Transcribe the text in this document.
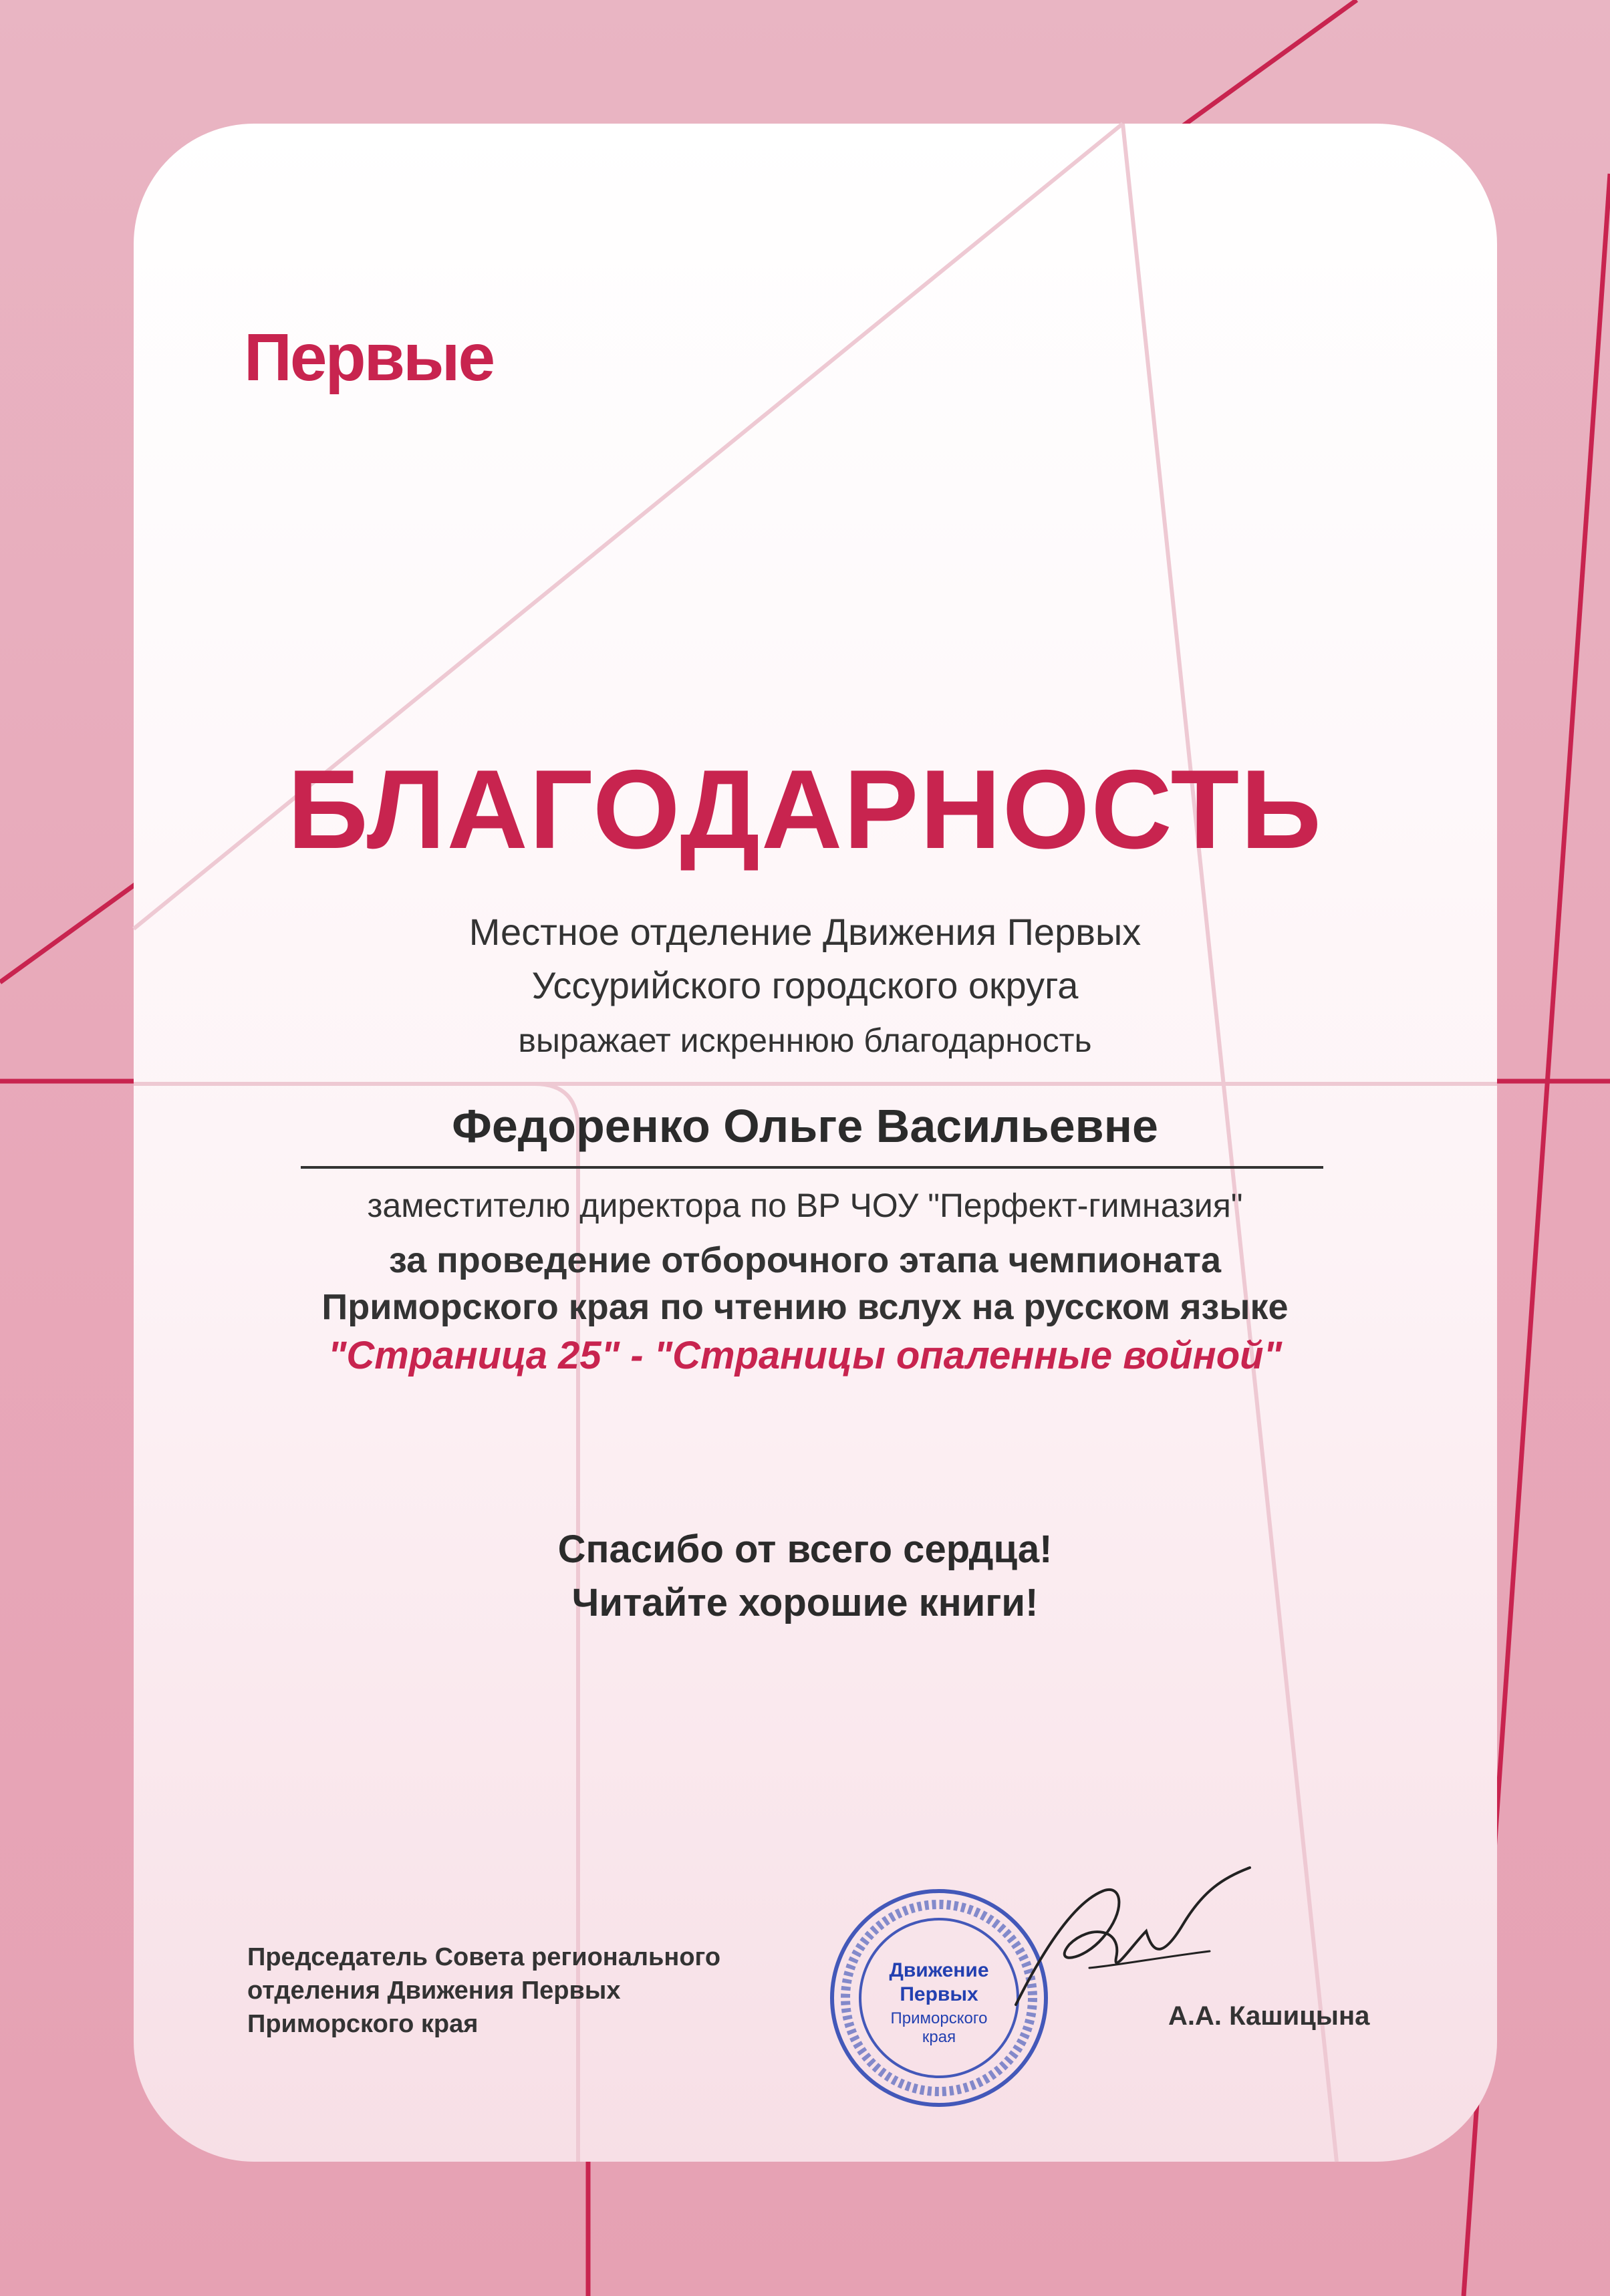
Первые
БЛАГОДАРНОСТЬ
Местное отделение Движения Первых
Уссурийского городского округа
выражает искреннюю благодарность
Федоренко Ольге Васильевне
заместителю директора по ВР ЧОУ "Перфект-гимназия"
за проведение отборочного этапа чемпионата
Приморского края по чтению вслух на русском языке
"Страница 25" - "Страницы опаленные войной"
Спасибо от всего сердца!
Читайте хорошие книги!
Председатель Совета регионального
отделения Движения Первых
Приморского края
Движение
Первых
Приморского
края
А.А. Кашицына
